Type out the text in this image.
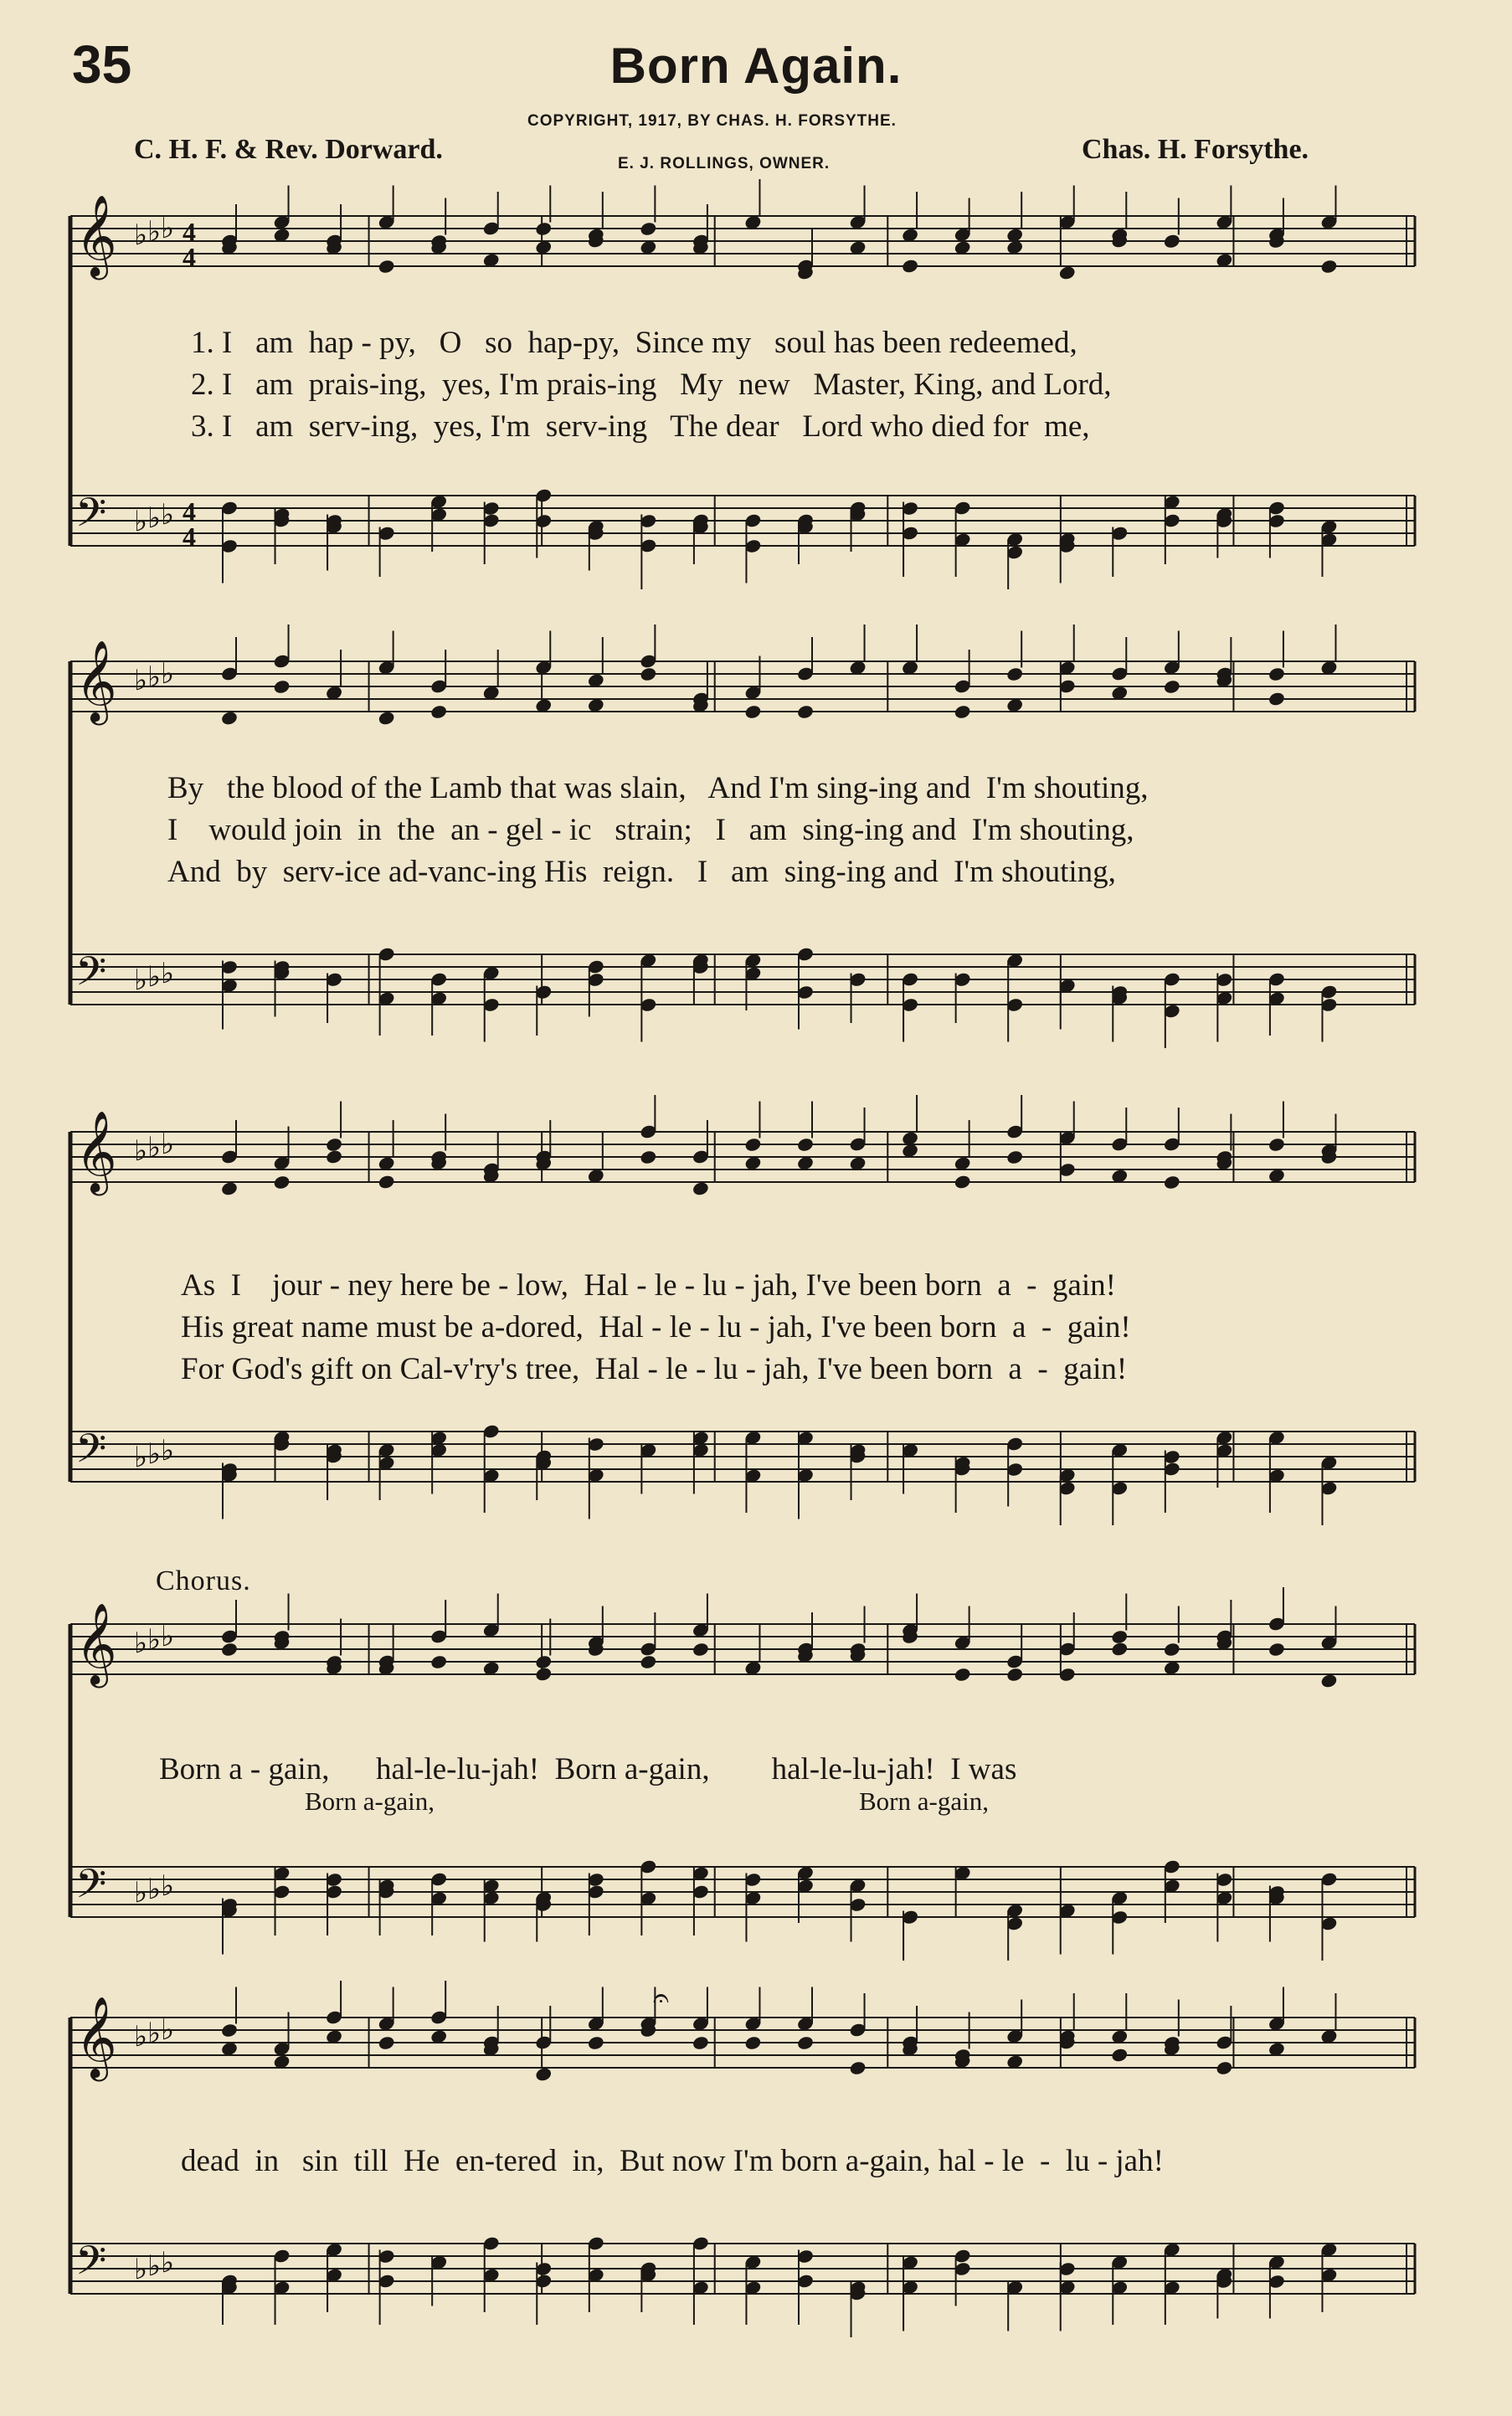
35	Born Again.
COPYRIGHT, 1917, BY CHAS. H. FORSYTHE.
E. J. ROLLINGS, OWNER.
C. H. F. & Rev. Dorward.	Chas. H. Forsythe.
𝄞 ♭ ♭ ♭
𝄢 ♭ ♭ ♭
𝄞 ♭ ♭ ♭
𝄢 ♭ ♭ ♭
𝄞 ♭ ♭ ♭
𝄢 ♭ ♭ ♭
𝄞 ♭ ♭ ♭
𝄢 ♭ ♭ ♭
𝄞 ♭ ♭ ♭
𝄢 ♭ ♭ ♭
4
4
4
4
𝄐
1. I   am  hap - py,   O   so  hap-py,  Since my   soul has been redeemed,
2. I   am  prais-ing,  yes, I'm prais-ing   My  new   Master, King, and Lord,
3. I   am  serv-ing,  yes, I'm  serv-ing   The dear   Lord who died for  me,
By   the blood of the Lamb that was slain,   And I'm sing-ing and  I'm shouting,
I    would join  in  the  an - gel - ic   strain;   I   am  sing-ing and  I'm shouting,
And  by  serv-ice ad-vanc-ing His  reign.   I   am  sing-ing and  I'm shouting,
As  I    jour - ney here be - low,  Hal - le - lu - jah, I've been born  a  -  gain!
His great name must be a-dored,  Hal - le - lu - jah, I've been born  a  -  gain!
For God's gift on Cal-v'ry's tree,  Hal - le - lu - jah, I've been born  a  -  gain!
Chorus.
Born a - gain,      hal-le-lu-jah!  Born a-gain,        hal-le-lu-jah!  I was
Born a-gain,	Born a-gain,
dead  in   sin  till  He  en-tered  in,  But now I'm born a-gain, hal - le  -  lu - jah!
